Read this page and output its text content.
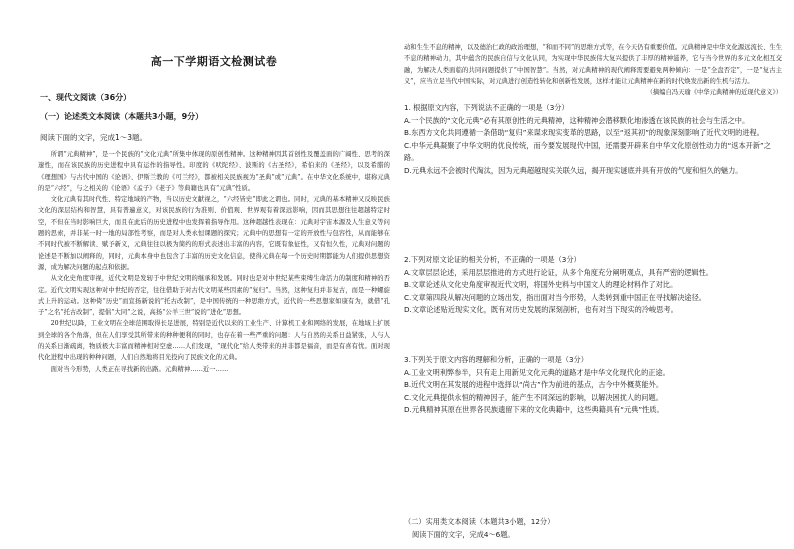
高一下学期语文检测试卷
一、现代文阅读（36分）
（一）论述类文本阅读（本题共3小题，9分）
阅读下面的文字，完成1～3题。

所谓“元典精神”，是一个民族的“文化元典”所集中体现的原创性精神。这种精神因其首创性及覆盖面的广阔性、思考的深邃性，而在该民族的历史进程中具有运作的指导性。印度的《吠陀经》、波斯的《古圣经》，希伯来的《圣经》，以及希腊的《理想国》与古代中国的《论语》、伊斯兰教的《可兰经》，都被相关民族视为“圣典”或“元典”。在中华文化系统中，堪称元典的是“六经”，与之相关的《论语》《孟子》《老子》等典籍也具有“元典”性质。

文化元典有其时代性、特定地域的产物，当以历史文献视之，“六经皆史”即此之谓也。同时，元典的基本精神又反映民族文化的深层结构和智慧，具有普遍意义，对该民族的行为准则、价值观、世界观有着深远影响，因而其思想往往超越特定时空，不但在当时影响巨大，而且在此后的历史进程中也发挥着指导作用。这种超越性表现在：元典对宇宙本源及人生意义等问题的思索，并非某一时一地的局部性考察，而是对人类永恒课题的探究；元典中的思想有一定的开放性与包容性，从而能够在不同时代被不断解读、赋予新义，元典往往以极为简约的形式表述出丰富的内容，它既有象征性，又有恒久性，元典对问题的论述是不断加以阐释的，同时，元典本身中也包含了丰富的历史文化信息，使得元典在每一个历史时期都能为人们提供思想资源，成为解决问题的起点和依据。

从文化史角度审视，近代文明是发轫于中世纪文明的继承和发展。同时也是对中世纪某些束缚生命活力的制度和精神的否定。近代文明实现这种对中世纪的否定，往往借助于对古代文明某些因素的“复归”。当然，这种复归并非复古，而是一种螺旋式上升的运动。这种倚“历史”而宣扬新说的“托古改制”，是中国传统的一种思维方式，近代的一些思想家如康有为，就借“孔子”之名“托古改制”，提倡“大同”之说，高扬“公羊三世”说的“进化”思想。

20世纪以降，工业文明在全球范围取得长足进展，特别是近代以来的工业生产、计算机工业和网络的发展，在地域上扩展到全球的各个角落，但在人们享受其所带来的种种便利的同时，也存在着一些严重的问题：人与自然的关系日益紧张，人与人的关系日渐疏离，物质极大丰富而精神相对空虚……人们发现，“现代化”给人类带来的并非都是福音，而是有喜有忧。面对现代化进程中出现的种种问题，人们自然地将目光投向了民族文化的元典。

面对当今形势，人类正在寻找新的出路。元典精神……近一……

动和生生不息的精神，以及德治仁政的政治理想，“和而不同”的思维方式等，在今天仍有重要价值。元典精神是中华文化源远流长、生生不息的精神动力，其中蕴含的民族自信与文化认同，为实现中华民族伟大复兴提供了丰厚的精神滋养，它与当今世界的多元文化相互交融，为解决人类面临的共同问题提供了“中国智慧”。当然，对元典精神的现代阐释需要避免两种倾向：一是“全盘否定”，一是“复古主义”，应当立足当代中国实际，对元典进行创造性转化和创新性发展，这样才能让元典精神在新的时代焕发出新的生机与活力。

（摘编自冯天瑜《中华元典精神的近现代意义》）
1. 根据原文内容，下列说法不正确的一项是（3分）
A.一个民族的“文化元典”必有其原创性的元典精神，这种精神会潜移默化地渗透在该民族的社会与生活之中。
B.东西方文化共同遵循一条借助“复归”来谋求现实变革的思路，以至“返其初”的现象深刻影响了近代文明的进程。
C.中华元典凝聚了中华文明的优良传统，而今要发展现代中国，还需要开辟来自中华文化原创性动力的“返本开新”之路。
D.元典永远不会被时代淘汰，因为元典超越现实关联久远，揭开现实谜底并具有开放的气度和恒久的魅力。
2.下列对原文论证的相关分析，不正确的一项是（3分）
A.文章层层论述，采用层层推进的方式进行论证，从多个角度充分阐明观点，具有严密的逻辑性。
B.文章论述从文化史角度审视近代文明，将国外史料与中国文人的理论材料作了对比。
C.文章第四段从解决问题的立场出发，指出面对当今形势，人类转到重中国正在寻找解决途径。
D.文章论述贴近现实文化，既有对历史发展的深刻剖析，也有对当下现实的冷峻思考。
3.下列关于原文内容的理解和分析，正确的一项是（3分）
A.工业文明利弊参半，只有走上用新见文化元典的道路才是中华文化现代化的正途。
B.近代文明在其发展的进程中选择以“尚古”作为前进的基点，古今中外概莫能外。
C.文化元典提供永恒的精神因子，能产生不同深远的影响，以解决困扰人的问题。
D.元典精神其原在世界各民族遗留下来的文化典籍中，这些典籍具有“元典”性质。
（二）实用类文本阅读（本题共3小题，12分）
阅读下面的文字，完成4～6题。
